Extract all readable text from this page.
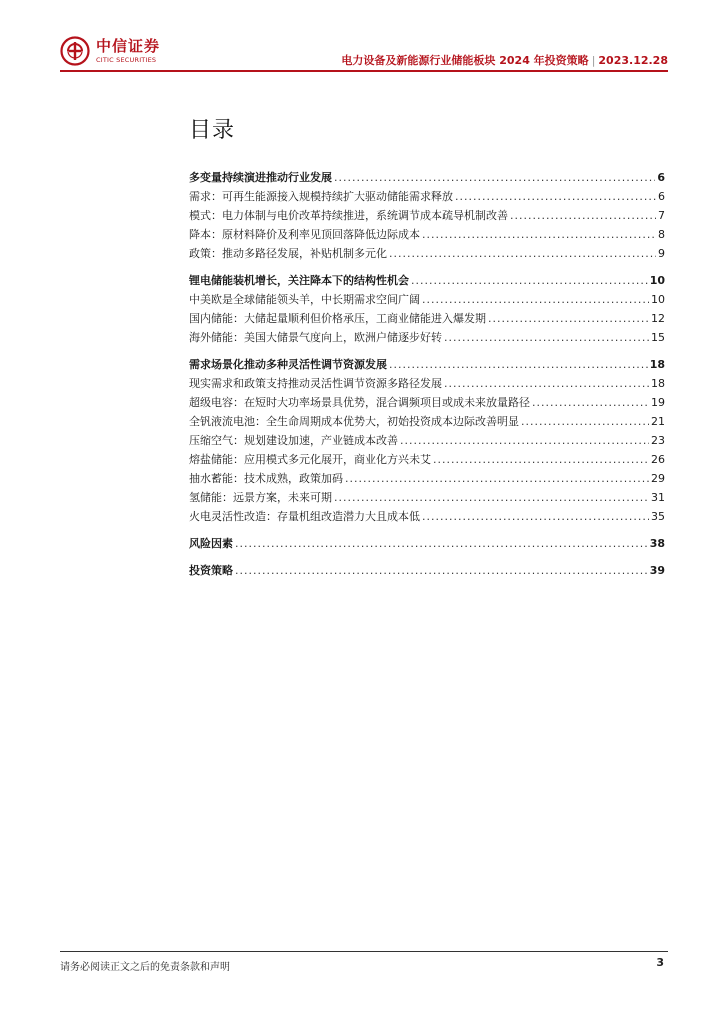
中信证券
CITIC SECURITIES	电力设备及新能源行业储能板块 2024 年投资策略 | 2023.12.28
目录
多变量持续演进推动行业发展 .....	6
需求：可再生能源接入规模持续扩大驱动储能需求释放 .....	6
模式：电力体制与电价改革持续推进，系统调节成本疏导机制改善 .....	7
降本：原材料降价及利率见顶回落降低边际成本 .....	8
政策：推动多路径发展，补贴机制多元化 .....	9
锂电储能装机增长，关注降本下的结构性机会 .....	10
中美欧是全球储能领头羊，中长期需求空间广阔 .....	10
国内储能：大储起量顺利但价格承压，工商业储能进入爆发期 .....	12
海外储能：美国大储景气度向上，欧洲户储逐步好转 .....	15
需求场景化推动多种灵活性调节资源发展 .....	18
现实需求和政策支持推动灵活性调节资源多路径发展 .....	18
超级电容：在短时大功率场景具优势，混合调频项目或成未来放量路径 .....	19
全钒液流电池：全生命周期成本优势大，初始投资成本边际改善明显 .....	21
压缩空气：规划建设加速，产业链成本改善 .....	23
熔盐储能：应用模式多元化展开，商业化方兴未艾 .....	26
抽水蓄能：技术成熟，政策加码 .....	29
氢储能：远景方案，未来可期 .....	31
火电灵活性改造：存量机组改造潜力大且成本低 .....	35
风险因素 .....	38
投资策略 .....	39
请务必阅读正文之后的免责条款和声明	3
